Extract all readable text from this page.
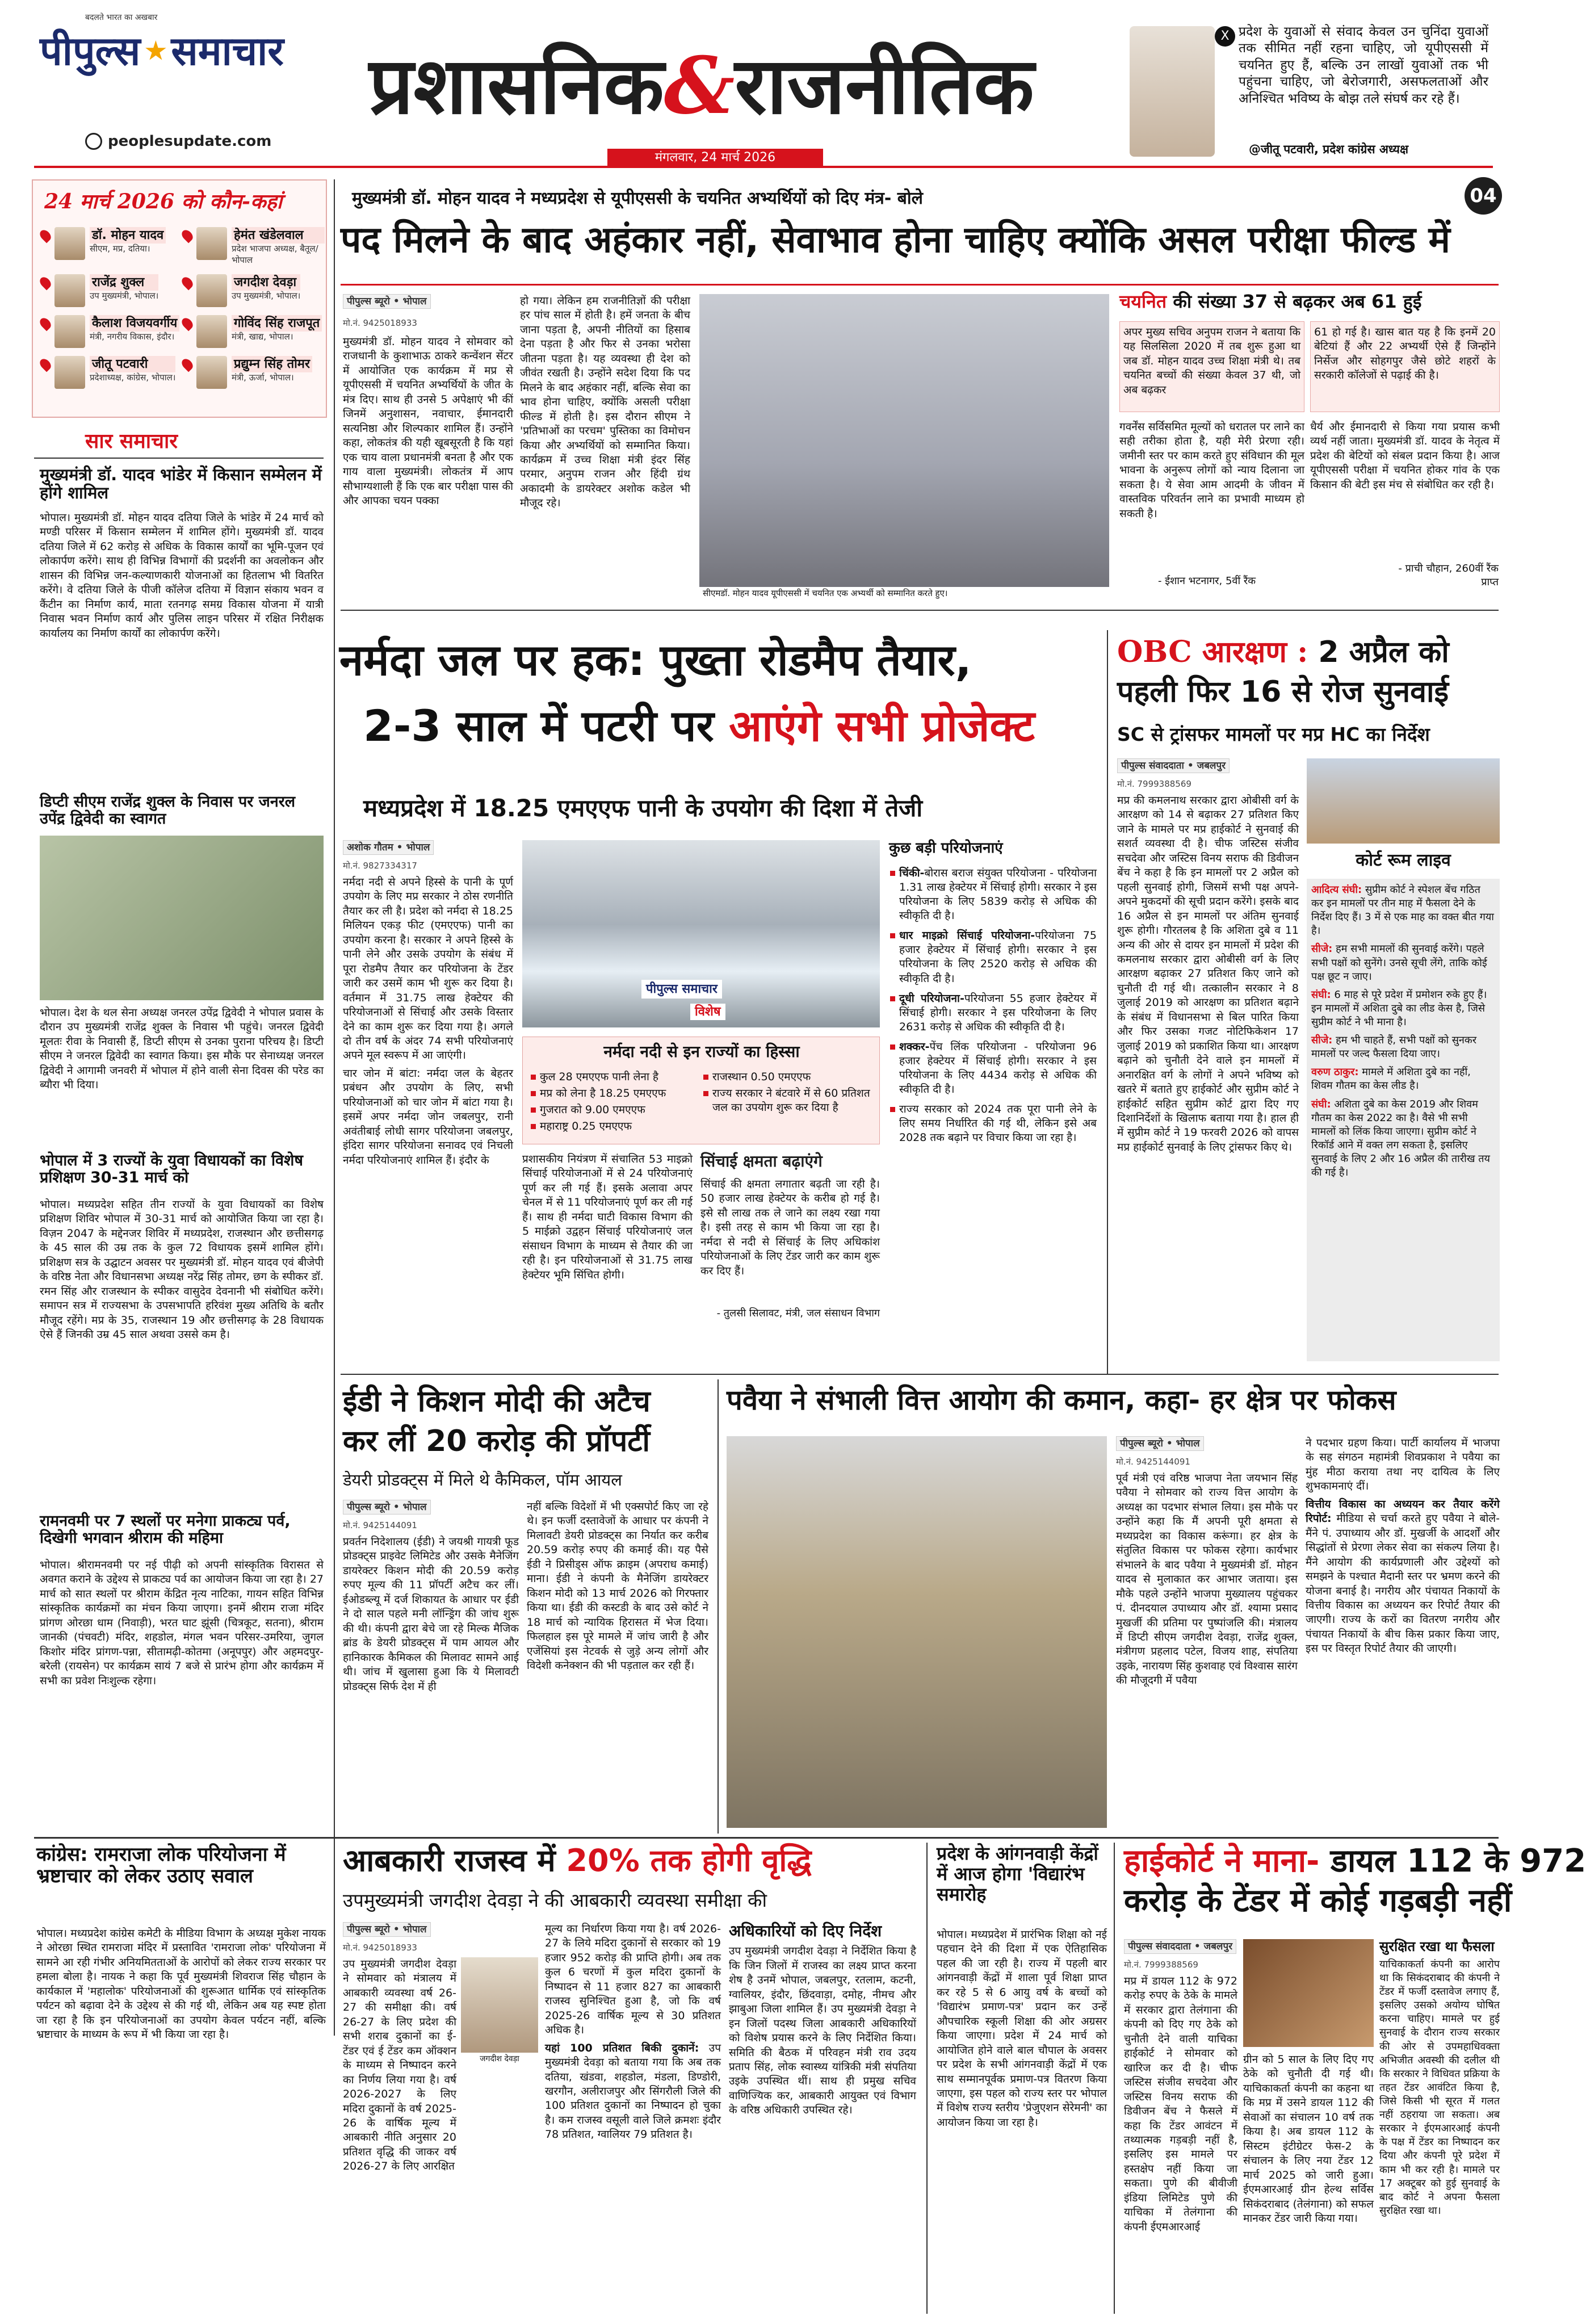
बदलते भारत का अखबार
पीपुल्स समाचार
peoplesupdate.com
प्रशासनिक&राजनीतिक
मंगलवार, 24 मार्च 2026
X प्रदेश के युवाओं से संवाद केवल उन चुनिंदा युवाओं तक सीमित नहीं रहना चाहिए, जो यूपीएससी में चयनित हुए हैं, बल्कि उन लाखों युवाओं तक भी पहुंचना चाहिए, जो बेरोजगारी, असफलताओं और अनिश्चित भविष्य के बोझ तले संघर्ष कर रहे हैं।
@जीतू पटवारी, प्रदेश कांग्रेस अध्यक्ष
04
24 मार्च 2026 को कौन-कहां
डॉ. मोहन यादव
सीएम, मप्र, दतिया।
हेमंत खंडेलवाल
प्रदेश भाजपा अध्यक्ष, बैतूल/भोपाल
राजेंद्र शुक्ल
उप मुख्यमंत्री, भोपाल।
जगदीश देवड़ा
उप मुख्यमंत्री, भोपाल।
कैलाश विजयवर्गीय
मंत्री, नगरीय विकास, इंदौर।
गोविंद सिंह राजपूत
मंत्री, खाद्य, भोपाल।
जीतू पटवारी
प्रदेशाध्यक्ष, कांग्रेस, भोपाल।
प्रद्युम्न सिंह तोमर
मंत्री, ऊर्जा, भोपाल।
सार समाचार
मुख्यमंत्री डॉ. यादव भांडेर में किसान सम्मेलन में होंगे शामिल
भोपाल। मुख्यमंत्री डॉ. मोहन यादव दतिया जिले के भांडेर में 24 मार्च को मण्डी परिसर में किसान सम्मेलन में शामिल होंगे। मुख्यमंत्री डॉ. यादव दतिया जिले में 62 करोड़ से अधिक के विकास कार्यों का भूमि-पूजन एवं लोकार्पण करेंगे। साथ ही विभिन्न विभागों की प्रदर्शनी का अवलोकन और शासन की विभिन्न जन-कल्याणकारी योजनाओं का हितलाभ भी वितरित करेंगे। वे दतिया जिले के पीजी कॉलेज दतिया में विज्ञान संकाय भवन व कैंटीन का निर्माण कार्य, माता रतनगढ़ समग्र विकास योजना में यात्री निवास भवन निर्माण कार्य और पुलिस लाइन परिसर में रक्षित निरीक्षक कार्यालय का निर्माण कार्यों का लोकार्पण करेंगे।
डिप्टी सीएम राजेंद्र शुक्ल के निवास पर जनरल उपेंद्र द्विवेदी का स्वागत
भोपाल। देश के थल सेना अध्यक्ष जनरल उपेंद्र द्विवेदी ने भोपाल प्रवास के दौरान उप मुख्यमंत्री राजेंद्र शुक्ल के निवास भी पहुंचे। जनरल द्विवेदी मूलतः रीवा के निवासी हैं, डिप्टी सीएम से उनका पुराना परिचय है। डिप्टी सीएम ने जनरल द्विवेदी का स्वागत किया। इस मौके पर सेनाध्यक्ष जनरल द्विवेदी ने आगामी जनवरी में भोपाल में होने वाली सेना दिवस की परेड का ब्यौरा भी दिया।
भोपाल में 3 राज्यों के युवा विधायकों का विशेष प्रशिक्षण 30-31 मार्च को
भोपाल। मध्यप्रदेश सहित तीन राज्यों के युवा विधायकों का विशेष प्रशिक्षण शिविर भोपाल में 30-31 मार्च को आयोजित किया जा रहा है। विज़न 2047 के मद्देनजर शिविर में मध्यप्रदेश, राजस्थान और छत्तीसगढ़ के 45 साल की उम्र तक के कुल 72 विधायक इसमें शामिल होंगे। प्रशिक्षण सत्र के उद्घाटन अवसर पर मुख्यमंत्री डॉ. मोहन यादव एवं बीजेपी के वरिष्ठ नेता और विधानसभा अध्यक्ष नरेंद्र सिंह तोमर, छग के स्पीकर डॉ. रमन सिंह और राजस्थान के स्पीकर वासुदेव देवनानी भी संबोधित करेंगे। समापन सत्र में राज्यसभा के उपसभापति हरिवंश मुख्य अतिथि के बतौर मौजूद रहेंगे। मप्र के 35, राजस्थान 19 और छत्तीसगढ़ के 28 विधायक ऐसे हैं जिनकी उम्र 45 साल अथवा उससे कम है।
रामनवमी पर 7 स्थलों पर मनेगा प्राकट्य पर्व, दिखेगी भगवान श्रीराम की महिमा
भोपाल। श्रीरामनवमी पर नई पीढ़ी को अपनी सांस्कृतिक विरासत से अवगत कराने के उद्देश्य से प्राकट्य पर्व का आयोजन किया जा रहा है। 27 मार्च को सात स्थलों पर श्रीराम केंद्रित नृत्य नाटिका, गायन सहित विभिन्न सांस्कृतिक कार्यक्रमों का मंचन किया जाएगा। इनमें श्रीराम राजा मंदिर प्रांगण ओरछा धाम (निवाड़ी), भरत घाट झूंसी (चित्रकूट, सतना), श्रीराम जानकी (पंचवटी) मंदिर, शहडोल, मंगल भवन परिसर-उमरिया, जुगल किशोर मंदिर प्रांगण-पन्ना, सीतामढ़ी-कोतमा (अनूपपुर) और अहमदपुर-बरेली (रायसेन) पर कार्यक्रम सायं 7 बजे से प्रारंभ होगा और कार्यक्रम में सभी का प्रवेश निःशुल्क रहेगा।
मुख्यमंत्री डॉ. मोहन यादव ने मध्यप्रदेश से यूपीएससी के चयनित अभ्यर्थियों को दिए मंत्र- बोले
पद मिलने के बाद अहंकार नहीं, सेवाभाव होना चाहिए क्योंकि असल परीक्षा फील्ड में
पीपुल्स ब्यूरो • भोपाल
मो.नं. 9425018933
मुख्यमंत्री डॉ. मोहन यादव ने सोमवार को राजधानी के कुशाभाऊ ठाकरे कन्वेंशन सेंटर में आयोजित एक कार्यक्रम में मप्र से यूपीएससी में चयनित अभ्यर्थियों के जीत के मंत्र दिए। साथ ही उनसे 5 अपेक्षाएं भी कीं जिनमें अनुशासन, नवाचार, ईमानदारी सत्यनिष्ठा और शिल्पकार शामिल हैं। उन्होंने कहा, लोकतंत्र की यही खूबसूरती है कि यहां एक चाय वाला प्रधानमंत्री बनता है और एक गाय वाला मुख्यमंत्री। लोकतंत्र में आप सौभाग्यशाली हैं कि एक बार परीक्षा पास की और आपका चयन पक्का
हो गया। लेकिन हम राजनीतिज्ञों की परीक्षा हर पांच साल में होती है। हमें जनता के बीच जाना पड़ता है, अपनी नीतियों का हिसाब देना पड़ता है और फिर से उनका भरोसा जीतना पड़ता है। यह व्यवस्था ही देश को जीवंत रखती है। उन्होंने सदेश दिया कि पद मिलने के बाद अहंकार नहीं, बल्कि सेवा का भाव होना चाहिए, क्योंकि असली परीक्षा फील्ड में होती है। इस दौरान सीएम ने 'प्रतिभाओं का परचम' पुस्तिका का विमोचन किया और अभ्यर्थियों को सम्मानित किया। कार्यक्रम में उच्च शिक्षा मंत्री इंदर सिंह परमार, अनुपम राजन और हिंदी ग्रंथ अकादमी के डायरेक्टर अशोक कडेल भी मौजूद रहे।
सीएमडॉ. मोहन यादव यूपीएससी में चयनित एक अभ्यर्थी को सम्मानित करते हुए।
चयनित की संख्या 37 से बढ़कर अब 61 हुई
अपर मुख्य सचिव अनुपम राजन ने बताया कि यह सिलसिला 2020 में तब शुरू हुआ था जब डॉ. मोहन यादव उच्च शिक्षा मंत्री थे। तब चयनित बच्चों की संख्या केवल 37 थी, जो अब बढ़कर
61 हो गई है। खास बात यह है कि इनमें 20 बेटियां हैं और 22 अभ्यर्थी ऐसे हैं जिन्होंने निर्सेज और सोहगपुर जैसे छोटे शहरों के सरकारी कॉलेजों से पढ़ाई की है।
गवर्नेंस सर्विसमित मूल्यों को धरातल पर लाने का सही तरीका होता है, यही मेरी प्रेरणा रही। जमीनी स्तर पर काम करते हुए संविधान की मूल भावना के अनुरूप लोगों को न्याय दिलाना जा सकता है। ये सेवा आम आदमी के जीवन में वास्तविक परिवर्तन लाने का प्रभावी माध्यम हो सकती है।
- ईशान भटनागर, 5वीं रैंक
धैर्य और ईमानदारी से किया गया प्रयास कभी व्यर्थ नहीं जाता। मुख्यमंत्री डॉ. यादव के नेतृत्व में प्रदेश की बेटियों को संबल प्रदान किया है। आज यूपीएससी परीक्षा में चयनित होकर गांव के एक किसान की बेटी इस मंच से संबोधित कर रही है।
- प्राची चौहान, 260वीं रैंक प्राप्त
नर्मदा जल पर हक: पुख्ता रोडमैप तैयार,
2-3 साल में पटरी पर आएंगे सभी प्रोजेक्ट
मध्यप्रदेश में 18.25 एमएएफ पानी के उपयोग की दिशा में तेजी
अशोक गौतम • भोपाल
मो.नं. 9827334317

नर्मदा नदी से अपने हिस्से के पानी के पूर्ण उपयोग के लिए मप्र सरकार ने ठोस रणनीति तैयार कर ली है। प्रदेश को नर्मदा से 18.25 मिलियन एकड़ फीट (एमएएफ) पानी का उपयोग करना है। सरकार ने अपने हिस्से के पानी लेने और उसके उपयोग के संबंध में पूरा रोडमैप तैयार कर परियोजना के टेंडर जारी कर उसमें काम भी शुरू कर दिया है। वर्तमान में 31.75 लाख हेक्टेयर की परियोजनाओं से सिंचाई और उसके विस्तार देने का काम शुरू कर दिया गया है। अगले दो तीन वर्ष के अंदर 74 सभी परियोजनाएं अपने मूल स्वरूप में आ जाएंगी।

चार जोन में बांटा: नर्मदा जल के बेहतर प्रबंधन और उपयोग के लिए, सभी परियोजनाओं को चार जोन में बांटा गया है। इसमें अपर नर्मदा जोन जबलपुर, रानी अवंतीबाई लोधी सागर परियोजना जबलपुर, इंदिरा सागर परियोजना सनावद एवं निचली नर्मदा परियोजनाएं शामिल हैं। इंदौर के

पीपुल्स समाचार
विशेष
नर्मदा नदी से इन राज्यों का हिस्सा
कुल 28 एमएएफ पानी लेना है
मप्र को लेना है 18.25 एमएएफ
गुजरात को 9.00 एमएएफ
महाराष्ट्र 0.25 एमएएफ
राजस्थान 0.50 एमएएफ
राज्य सरकार ने बंटवारे में से 60 प्रतिशत जल का उपयोग शुरू कर दिया है
प्रशासकीय नियंत्रण में संचालित 53 माइक्रो सिंचाई परियोजनाओं में से 24 परियोजनाएं पूर्ण कर ली गई हैं। इसके अलावा अपर चेनल में से 11 परियोजनाएं पूर्ण कर ली गई हैं। साथ ही नर्मदा घाटी विकास विभाग की 5 माईक्रो उद्वहन सिंचाई परियोजनाएं जल संसाधन विभाग के माध्यम से तैयार की जा रही है। इन परियोजनाओं से 31.75 लाख हेक्टेयर भूमि सिंचित होगी।
सिंचाई क्षमता बढ़ाएंगे
सिंचाई की क्षमता लगातार बढ़ती जा रही है। 50 हजार लाख हेक्टेयर के करीब हो गई है। इसे सौ लाख तक ले जाने का लक्ष्य रखा गया है। इसी तरह से काम भी किया जा रहा है। नर्मदा से नदी से सिंचाई के लिए अधिकांश परियोजनाओं के लिए टेंडर जारी कर काम शुरू कर दिए हैं।
- तुलसी सिलावट, मंत्री, जल संसाधन विभाग
कुछ बड़ी परियोजनाएं
चिंकी-बोरास बराज संयुक्त परियोजना - परियोजना 1.31 लाख हेक्टेयर में सिंचाई होगी। सरकार ने इस परियोजना के लिए 5839 करोड़ से अधिक की स्वीकृति दी है।
धार माइक्रो सिंचाई परियोजना-परियोजना 75 हजार हेक्टेयर में सिंचाई होगी। सरकार ने इस परियोजना के लिए 2520 करोड़ से अधिक की स्वीकृति दी है।
दूधी परियोजना-परियोजना 55 हजार हेक्टेयर में सिंचाई होगी। सरकार ने इस परियोजना के लिए 2631 करोड़ से अधिक की स्वीकृति दी है।
शक्कर-पेंच लिंक परियोजना - परियोजना 96 हजार हेक्टेयर में सिंचाई होगी। सरकार ने इस परियोजना के लिए 4434 करोड़ से अधिक की स्वीकृति दी है।
राज्य सरकार को 2024 तक पूरा पानी लेने के लिए समय निर्धारित की गई थी, लेकिन इसे अब 2028 तक बढ़ाने पर विचार किया जा रहा है।
OBC आरक्षण : 2 अप्रैल को
पहली फिर 16 से रोज सुनवाई
SC से ट्रांसफर मामलों पर मप्र HC का निर्देश
पीपुल्स संवाददाता • जबलपुर
मो.नं. 7999388569
मप्र की कमलनाथ सरकार द्वारा ओबीसी वर्ग के आरक्षण को 14 से बढ़ाकर 27 प्रतिशत किए जाने के मामले पर मप्र हाईकोर्ट ने सुनवाई की सशर्त व्यवस्था दी है। चीफ जस्टिस संजीव सचदेवा और जस्टिस विनय सराफ की डिवीजन बेंच ने कहा है कि इन मामलों पर 2 अप्रैल को पहली सुनवाई होगी, जिसमें सभी पक्ष अपने-अपने मुकदमों की सूची प्रदान करेंगे। इसके बाद 16 अप्रैल से इन मामलों पर अंतिम सुनवाई शुरू होगी। गौरतलब है कि अशिता दुबे व 11 अन्य की ओर से दायर इन मामलों में प्रदेश की कमलनाथ सरकार द्वारा ओबीसी वर्ग के लिए आरक्षण बढ़ाकर 27 प्रतिशत किए जाने को चुनौती दी गई थी। तत्कालीन सरकार ने 8 जुलाई 2019 को आरक्षण का प्रतिशत बढ़ाने के संबंध में विधानसभा से बिल पारित किया और फिर उसका गजट नोटिफिकेशन 17 जुलाई 2019 को प्रकाशित किया था। आरक्षण बढ़ाने को चुनौती देने वाले इन मामलों में अनारक्षित वर्ग के लोगों ने अपने भविष्य को खतरे में बताते हुए हाईकोर्ट और सुप्रीम कोर्ट ने हाईकोर्ट सहित सुप्रीम कोर्ट द्वारा दिए गए दिशानिर्देशों के खिलाफ बताया गया है। हाल ही में सुप्रीम कोर्ट ने 19 फरवरी 2026 को वापस मप्र हाईकोर्ट सुनवाई के लिए ट्रांसफर किए थे।
कोर्ट रूम लाइव

आदित्य संघी: सुप्रीम कोर्ट ने स्पेशल बेंच गठित कर इन मामलों पर तीन माह में फैसला देने के निर्देश दिए हैं। 3 में से एक माह का वक्त बीत गया है।

सीजे: हम सभी मामलों की सुनवाई करेंगे। पहले सभी पक्षों को सुनेंगे। उनसे सूची लेंगे, ताकि कोई पक्ष छूट न जाए।

संघी: 6 माह से पूरे प्रदेश में प्रमोशन रुके हुए हैं। इन मामलों में अशिता दुबे का लीड केस है, जिसे सुप्रीम कोर्ट ने भी माना है।

सीजे: हम भी चाहते हैं, सभी पक्षों को सुनकर मामलों पर जल्द फैसला दिया जाए।

वरुण ठाकुर: मामले में अशिता दुबे का नहीं, शिवम गौतम का केस लीड है।

संघी: अशिता दुबे का केस 2019 और शिवम गौतम का केस 2022 का है। वैसे भी सभी मामलों को लिंक किया जाएगा। सुप्रीम कोर्ट ने रिकॉर्ड आने में वक्त लग सकता है, इसलिए सुनवाई के लिए 2 और 16 अप्रैल की तारीख तय की गई है।

ईडी ने किशन मोदी की अटैच
कर लीं 20 करोड़ की प्रॉपर्टी
डेयरी प्रोडक्ट्स में मिले थे कैमिकल, पॉम आयल
पीपुल्स ब्यूरो • भोपाल
मो.नं. 9425144091
प्रवर्तन निदेशालय (ईडी) ने जयश्री गायत्री फूड प्रोडक्ट्स प्राइवेट लिमिटेड और उसके मैनेजिंग डायरेक्टर किशन मोदी की 20.59 करोड़ रुपए मूल्य की 11 प्रॉपर्टी अटैच कर लीं। ईओडब्ल्यू में दर्ज शिकायत के आधार पर ईडी ने दो साल पहले मनी लॉन्ड्रिंग की जांच शुरू की थी। कंपनी द्वारा बेचे जा रहे मिल्क मैजिक ब्रांड के डेयरी प्रोडक्ट्स में पाम आयल और हानिकारक कैमिकल की मिलावट सामने आई थी। जांच में खुलासा हुआ कि ये मिलावटी प्रोडक्ट्स सिर्फ देश में ही
नहीं बल्कि विदेशों में भी एक्सपोर्ट किए जा रहे थे। इन फर्जी दस्तावेजों के आधार पर कंपनी ने मिलावटी डेयरी प्रोडक्ट्स का निर्यात कर करीब 20.59 करोड़ रुपए की कमाई की। यह पैसे ईडी ने प्रिसीड्स ऑफ क्राइम (अपराध कमाई) माना। ईडी ने कंपनी के मैनेजिंग डायरेक्टर किशन मोदी को 13 मार्च 2026 को गिरफ्तार किया था। ईडी की कस्टडी के बाद उसे कोर्ट ने 18 मार्च को न्यायिक हिरासत में भेज दिया। फिलहाल इस पूरे मामले में जांच जारी है और एजेंसियां इस नेटवर्क से जुड़े अन्य लोगों और विदेशी कनेक्शन की भी पड़ताल कर रही हैं।
पवैया ने संभाली वित्त आयोग की कमान, कहा- हर क्षेत्र पर फोकस
पीपुल्स ब्यूरो • भोपाल
मो.नं. 9425144091
पूर्व मंत्री एवं वरिष्ठ भाजपा नेता जयभान सिंह पवैया ने सोमवार को राज्य वित्त आयोग के अध्यक्ष का पदभार संभाल लिया। इस मौके पर उन्होंने कहा कि मैं अपनी पूरी क्षमता से मध्यप्रदेश का विकास करूंगा। हर क्षेत्र के संतुलित विकास पर फोकस रहेगा। कार्यभार संभालने के बाद पवैया ने मुख्यमंत्री डॉ. मोहन यादव से मुलाकात कर आभार जताया। इस मौके पहले उन्होंने भाजपा मुख्यालय पहुंचकर पं. दीनदयाल उपाध्याय और डॉ. श्यामा प्रसाद मुखर्जी की प्रतिमा पर पुष्पांजलि की। मंत्रालय में डिप्टी सीएम जगदीश देवड़ा, राजेंद्र शुक्ल, मंत्रीगण प्रहलाद पटेल, विजय शाह, संपतिया उइके, नारायण सिंह कुशवाह एवं विश्वास सारंग की मौजूदगी में पवैया

ने पदभार ग्रहण किया। पार्टी कार्यालय में भाजपा के सह संगठन महामंत्री शिवप्रकाश ने पवैया का मुंह मीठा कराया तथा नए दायित्व के लिए शुभकामनाएं दीं।

वित्तीय विकास का अध्ययन कर तैयार करेंगे रिपोर्ट: मीडिया से चर्चा करते हुए पवैया ने बोले- मैंने पं. उपाध्याय और डॉ. मुखर्जी के आदर्शों और सिद्धांतों से प्रेरणा लेकर सेवा का संकल्प लिया है। मैंने आयोग की कार्यप्रणाली और उद्देश्यों को समझने के पश्चात मैदानी स्तर पर भ्रमण करने की योजना बनाई है। नगरीय और पंचायत निकायों के वित्तीय विकास का अध्ययन कर रिपोर्ट तैयार की जाएगी। राज्य के करों का वितरण नगरीय और पंचायत निकायों के बीच किस प्रकार किया जाए, इस पर विस्तृत रिपोर्ट तैयार की जाएगी।

कांग्रेस: रामराजा लोक परियोजना में भ्रष्टाचार को लेकर उठाए सवाल
भोपाल। मध्यप्रदेश कांग्रेस कमेटी के मीडिया विभाग के अध्यक्ष मुकेश नायक ने ओरछा स्थित रामराजा मंदिर में प्रस्तावित 'रामराजा लोक' परियोजना में सामने आ रही गंभीर अनियमितताओं के आरोपों को लेकर राज्य सरकार पर हमला बोला है। नायक ने कहा कि पूर्व मुख्यमंत्री शिवराज सिंह चौहान के कार्यकाल में 'महालोक' परियोजनाओं की शुरूआत धार्मिक एवं सांस्कृतिक पर्यटन को बढ़ावा देने के उद्देश्य से की गई थी, लेकिन अब यह स्पष्ट होता जा रहा है कि इन परियोजनाओं का उपयोग केवल पर्यटन नहीं, बल्कि भ्रष्टाचार के माध्यम के रूप में भी किया जा रहा है।
आबकारी राजस्व में 20% तक होगी वृद्धि
उपमुख्यमंत्री जगदीश देवड़ा ने की आबकारी व्यवस्था समीक्षा की
पीपुल्स ब्यूरो • भोपाल
मो.नं. 9425018933
उप मुख्यमंत्री जगदीश देवड़ा ने सोमवार को मंत्रालय में आबकारी व्यवस्था वर्ष 26-27 की समीक्षा की। वर्ष 26-27 के लिए प्रदेश की सभी शराब दुकानों का ई-टेंडर एवं ई टेंडर कम ऑक्शन के माध्यम से निष्पादन करने का निर्णय लिया गया है। वर्ष 2026-2027 के लिए मदिरा दुकानों के वर्ष 2025-26 के वार्षिक मूल्य में आबकारी नीति अनुसार 20 प्रतिशत वृद्धि की जाकर वर्ष 2026-27 के लिए आरक्षित
जगदीश देवड़ा

मूल्य का निर्धारण किया गया है। वर्ष 2026-27 के लिये मदिरा दुकानों से सरकार को 19 हजार 952 करोड़ की प्राप्ति होगी। अब तक कुल 6 चरणों में कुल मदिरा दुकानों के निष्पादन से 11 हजार 827 का आबकारी राजस्व सुनिश्चित हुआ है, जो कि वर्ष 2025-26 वार्षिक मूल्य से 30 प्रतिशत अधिक है।

यहां 100 प्रतिशत बिकी दुकानें: उप मुख्यमंत्री देवड़ा को बताया गया कि अब तक दतिया, खंडवा, शहडोल, मंडला, डिण्डोरी, खरगौन, अलीराजपुर और सिंगरौली जिले की 100 प्रतिशत दुकानों का निष्पादन हो चुका है। कम राजस्व वसूली वाले जिले क्रमशः इंदौर 78 प्रतिशत, ग्वालियर 79 प्रतिशत है।

अधिकारियों को दिए निर्देश
उप मुख्यमंत्री जगदीश देवड़ा ने निर्देशित किया है कि जिन जिलों में राजस्व का लक्ष्य प्राप्त करना शेष है उनमें भोपाल, जबलपुर, रतलाम, कटनी, ग्वालियर, इंदौर, छिंदवाड़ा, दमोह, नीमच और झाबुआ जिला शामिल हैं। उप मुख्यमंत्री देवड़ा ने इन जिलों पदस्थ जिला आबकारी अधिकारियों को विशेष प्रयास करने के लिए निर्देशित किया। समिति की बैठक में परिवहन मंत्री राव उदय प्रताप सिंह, लोक स्वास्थ्य यांत्रिकी मंत्री संपतिया उइके उपस्थित थीं। साथ ही प्रमुख सचिव वाणिज्यिक कर, आबकारी आयुक्त एवं विभाग के वरिष्ठ अधिकारी उपस्थित रहे।
प्रदेश के आंगनवाड़ी केंद्रों में आज होगा 'विद्यारंभ समारोह
भोपाल। मध्यप्रदेश में प्रारंभिक शिक्षा को नई पहचान देने की दिशा में एक ऐतिहासिक पहल की जा रही है। राज्य में पहली बार आंगनवाड़ी केंद्रों में शाला पूर्व शिक्षा प्राप्त कर रहे 5 से 6 आयु वर्ष के बच्चों को 'विद्यारंभ प्रमाण-पत्र' प्रदान कर उन्हें औपचारिक स्कूली शिक्षा की ओर अग्रसर किया जाएगा। प्रदेश में 24 मार्च को आयोजित होने वाले बाल चौपाल के अवसर पर प्रदेश के सभी आंगनवाड़ी केंद्रों में एक साथ सम्मानपूर्वक प्रमाण-पत्र वितरण किया जाएगा, इस पहल को राज्य स्तर पर भोपाल में विशेष राज्य स्तरीय 'प्रेजुएशन सेरेमनी' का आयोजन किया जा रहा है।
हाईकोर्ट ने माना- डायल 112 के 972
करोड़ के टेंडर में कोई गड़बड़ी नहीं
पीपुल्स संवाददाता • जबलपुर
मो.नं. 7999388569
मप्र में डायल 112 के 972 करोड़ रुपए के ठेके के मामले में सरकार द्वारा तेलंगाना की कंपनी को दिए गए ठेके को चुनौती देने वाली याचिका हाईकोर्ट ने सोमवार को खारिज कर दी है। चीफ जस्टिस संजीव सचदेवा और जस्टिस विनय सराफ की डिवीजन बेंच ने फैसले में कहा कि टेंडर आवंटन में तथ्यात्मक गड़बड़ी नहीं है, इसलिए इस मामले पर हस्तक्षेप नहीं किया जा सकता। पुणे की बीवीजी इंडिया लिमिटेड पुणे की याचिका में तेलंगाना की कंपनी ईएमआरआई
ग्रीन को 5 साल के लिए दिए गए ठेके को चुनौती दी गई थी। याचिकाकर्ता कंपनी का कहना था कि मप्र में उसने डायल 112 की सेवाओं का संचालन 10 वर्ष तक किया है। अब डायल 112 के सिस्टम इंटीग्रेटर फेस-2 के संचालन के लिए नया टेंडर 12 मार्च 2025 को जारी हुआ। ईएमआरआई ग्रीन हेल्थ सर्विस सिकंदराबाद (तेलंगाना) को सफल मानकर टेंडर जारी किया गया।
सुरक्षित रखा था फैसला
याचिकाकर्ता कंपनी का आरोप था कि सिकंदराबाद की कंपनी ने टेंडर में फर्जी दस्तावेज लगाए हैं, इसलिए उसको अयोग्य घोषित करना चाहिए। मामले पर हुई सुनवाई के दौरान राज्य सरकार की ओर से उपमहाधिवक्ता अभिजीत अवस्थी की दलील थी कि सरकार ने विधिवत प्रक्रिया के तहत टेंडर आवंटित किया है, जिसे किसी भी सूरत में गलत नहीं ठहराया जा सकता। अब सरकार ने ईएमआरआई कंपनी के पक्ष में टेंडर का निष्पादन कर दिया और कंपनी पूरे प्रदेश में काम भी कर रही है। मामले पर 17 अक्टूबर को हुई सुनवाई के बाद कोर्ट ने अपना फैसला सुरक्षित रखा था।
